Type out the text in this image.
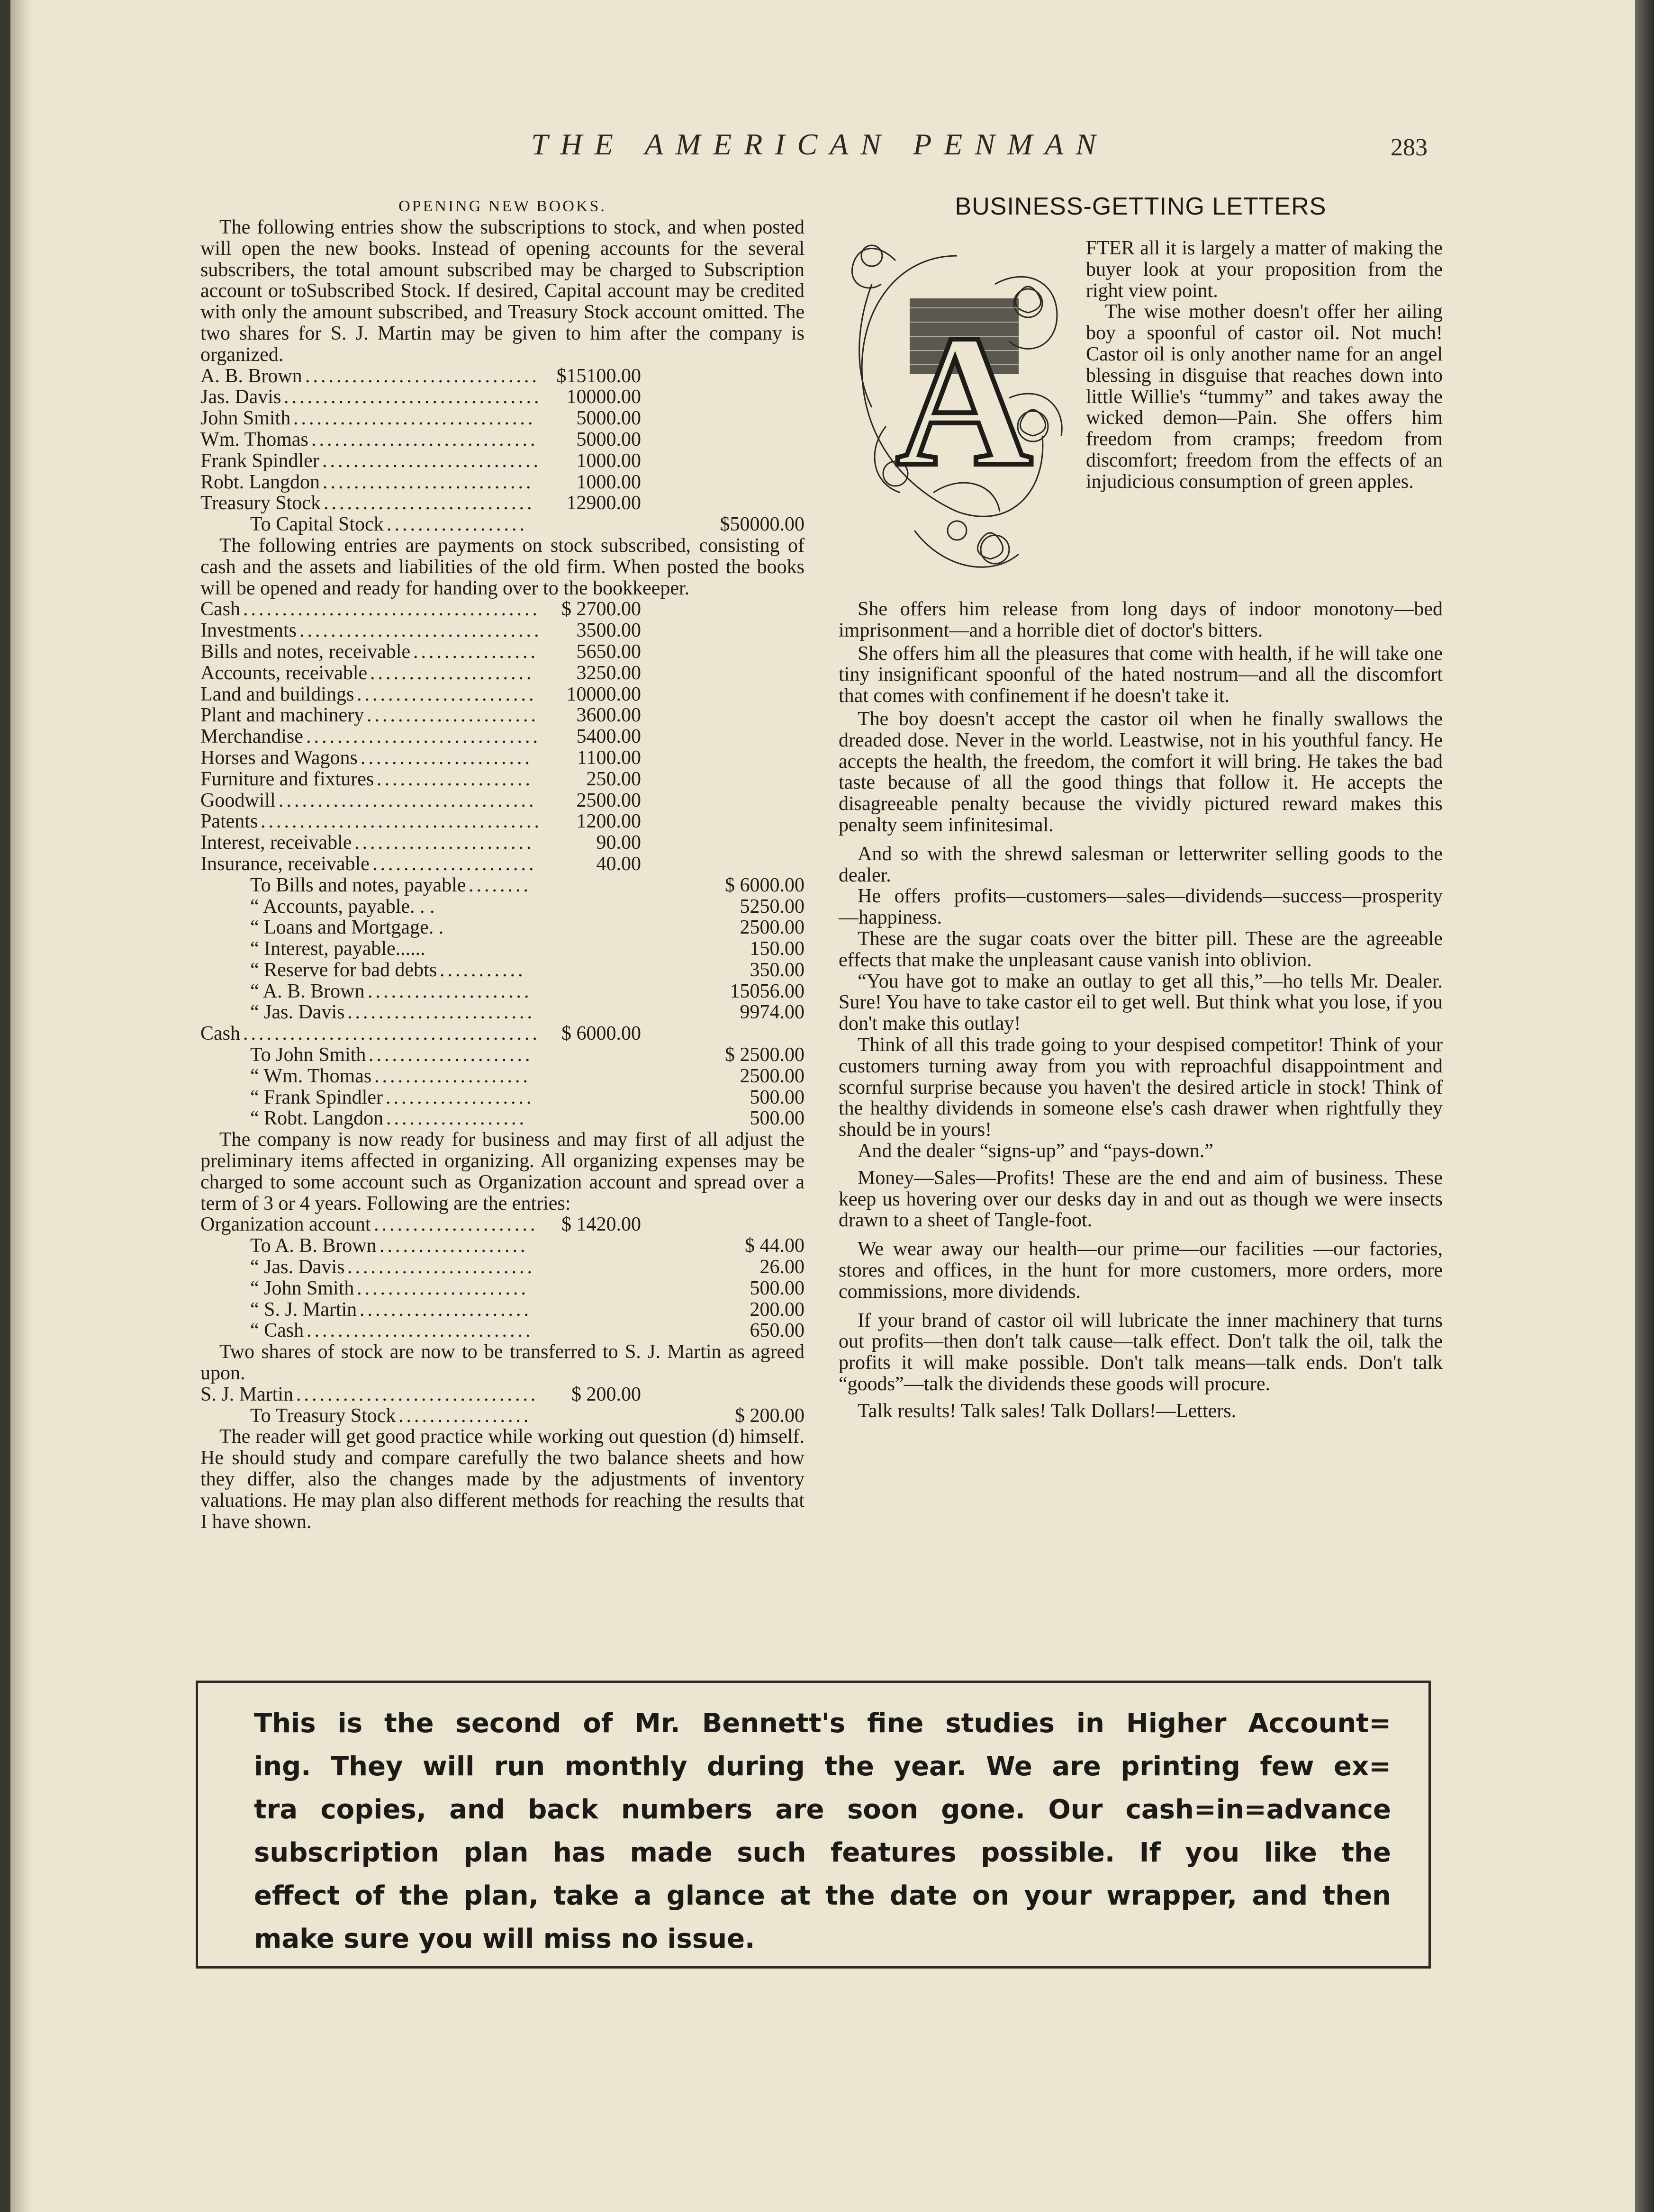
THE AMERICAN PENMAN	283

OPENING NEW BOOKS.

The following entries show the subscriptions to stock, and when posted will open the new books. Instead of opening accounts for the several subscribers, the total amount subscribed may be charged to Subscription account or toSubscribed Stock. If desired, Capital account may be credited with only the amount subscribed, and Treasury Stock account omitted. The two shares for S. J. Martin may be given to him after the company is organized.

A. B. Brown .............................. $15100.00
Jas. Davis .................................	10000.00
John Smith ...............................	5000.00
Wm. Thomas .............................	5000.00
Frank Spindler ............................	1000.00
Robt. Langdon ...........................	1000.00
Treasury Stock ...........................	12900.00
To Capital Stock ..................	$50000.00

The following entries are payments on stock subscribed, consisting of cash and the assets and liabilities of the old firm. When posted the books will be opened and ready for handing over to the bookkeeper.

Cash ......................................	$ 2700.00
Investments ...............................	3500.00
Bills and notes, receivable ................	5650.00
Accounts, receivable .....................	3250.00
Land and buildings .......................	10000.00
Plant and machinery ......................	3600.00
Merchandise ..............................	5400.00
Horses and Wagons ......................	1100.00
Furniture and fixtures ....................	250.00
Goodwill .................................	2500.00
Patents ....................................	1200.00
Interest, receivable .......................	90.00
Insurance, receivable .....................	40.00
To Bills and notes, payable ........	$ 6000.00
“ Accounts, payable. . .	5250.00
“ Loans and Mortgage. .	2500.00
“ Interest, payable......	150.00
“ Reserve for bad debts ...........	350.00
“ A. B. Brown .....................	15056.00
“ Jas. Davis ........................	9974.00
Cash ......................................	$ 6000.00
To John Smith .....................	$ 2500.00
“ Wm. Thomas ....................	2500.00
“ Frank Spindler ...................	500.00
“ Robt. Langdon ..................	500.00

The company is now ready for business and may first of all adjust the preliminary items affected in organizing. All organizing expenses may be charged to some account such as Organization account and spread over a term of 3 or 4 years. Following are the entries:

Organization account .....................	$ 1420.00
To A. B. Brown ...................	$ 44.00
“ Jas. Davis ........................	26.00
“ John Smith ......................	500.00
“ S. J. Martin ......................	200.00
“ Cash .............................	650.00

Two shares of stock are now to be transferred to S. J. Martin as agreed upon.

S. J. Martin ...............................	$ 200.00
To Treasury Stock .................	$ 200.00

The reader will get good practice while working out question (d) himself. He should study and compare carefully the two balance sheets and how they differ, also the changes made by the adjustments of inventory valuations. He may plan also different methods for reaching the results that I have shown.

BUSINESS-GETTING LETTERS

A

FTER all it is largely a matter of making the buyer look at your proposition from the right view point.

The wise mother doesn't offer her ailing boy a spoonful of castor oil. Not much! Castor oil is only another name for an angel blessing in disguise that reaches down into little Willie's “tummy” and takes away the wicked demon—Pain. She offers him freedom from cramps; freedom from discomfort; freedom from the effects of an injudicious consumption of green apples.

She offers him release from long days of indoor monotony—bed imprisonment—and a horrible diet of doctor's bitters.

She offers him all the pleasures that come with health, if he will take one tiny insignificant spoonful of the hated nostrum—and all the discomfort that comes with confinement if he doesn't take it.

The boy doesn't accept the castor oil when he finally swallows the dreaded dose. Never in the world. Leastwise, not in his youthful fancy. He accepts the health, the freedom, the comfort it will bring. He takes the bad taste because of all the good things that follow it. He accepts the disagreeable penalty because the vividly pictured reward makes this penalty seem infinitesimal.

And so with the shrewd salesman or letterwriter selling goods to the dealer.

He offers profits—customers—sales—dividends—success—prosperity—happiness.

These are the sugar coats over the bitter pill. These are the agreeable effects that make the unpleasant cause vanish into oblivion.

“You have got to make an outlay to get all this,”—ho tells Mr. Dealer. Sure! You have to take castor eil to get well. But think what you lose, if you don't make this outlay!

Think of all this trade going to your despised competitor! Think of your customers turning away from you with reproachful disappointment and scornful surprise because you haven't the desired article in stock! Think of the healthy dividends in someone else's cash drawer when rightfully they should be in yours!

And the dealer “signs-up” and “pays-down.”

Money—Sales—Profits! These are the end and aim of business. These keep us hovering over our desks day in and out as though we were insects drawn to a sheet of Tangle-foot.

We wear away our health—our prime—our facilities —our factories, stores and offices, in the hunt for more customers, more orders, more commissions, more dividends.

If your brand of castor oil will lubricate the inner machinery that turns out profits—then don't talk cause—talk effect. Don't talk the oil, talk the profits it will make possible. Don't talk means—talk ends. Don't talk “goods”—talk the dividends these goods will procure.

Talk results! Talk sales! Talk Dollars!—Letters.

This is the second of Mr. Bennett's fine studies in Higher Account=
ing. They will run monthly during the year. We are printing few ex=
tra copies, and back numbers are soon gone. Our cash=in=advance
subscription plan has made such features possible. If you like the
effect of the plan, take a glance at the date on your wrapper, and then
make sure you will miss no issue.
